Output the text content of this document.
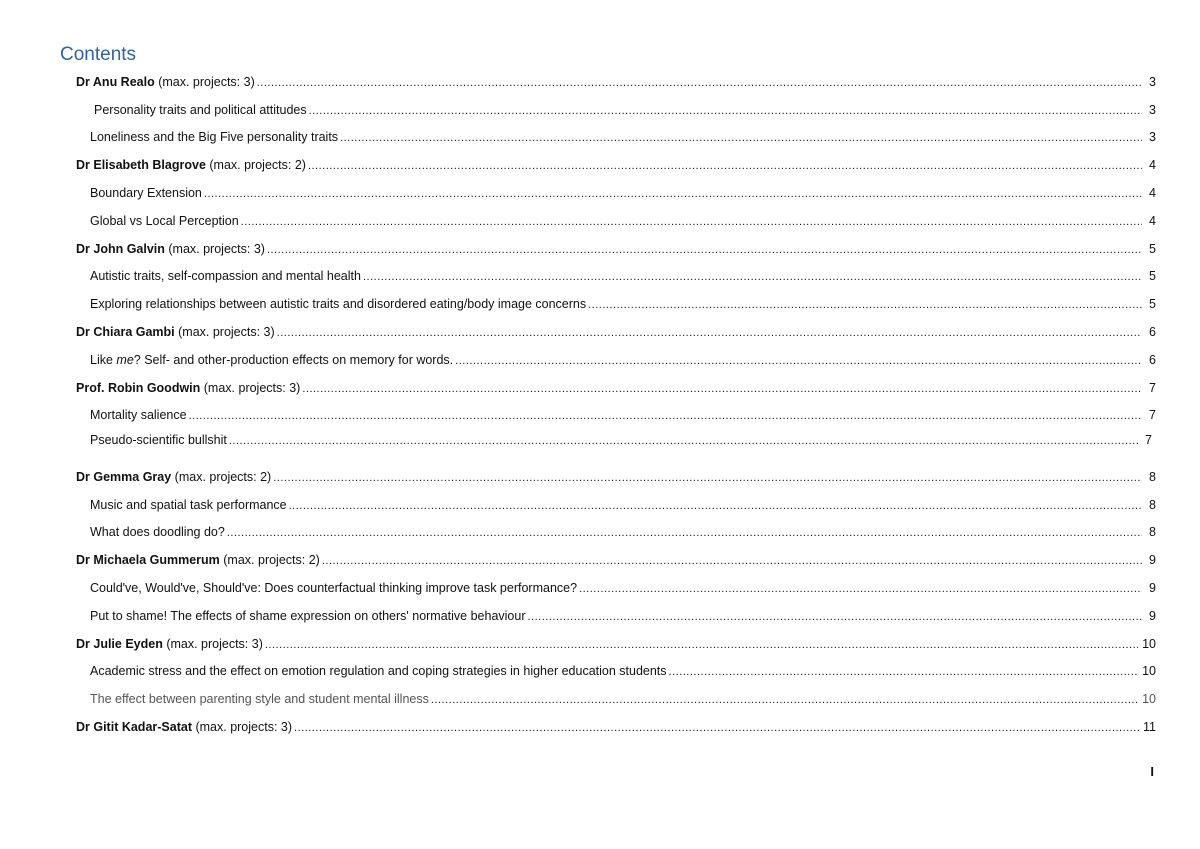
Contents
Dr Anu Realo (max. projects: 3) .....	3
Personality traits and political attitudes .....	3
Loneliness and the Big Five personality traits .....	3
Dr Elisabeth Blagrove (max. projects: 2) .....	4
Boundary Extension .....	4
Global vs Local Perception .....	4
Dr John Galvin (max. projects: 3) .....	5
Autistic traits, self-compassion and mental health .....	5
Exploring relationships between autistic traits and disordered eating/body image concerns .....	5
Dr Chiara Gambi (max. projects: 3) .....	6
Like me? Self- and other-production effects on memory for words. .....	6
Prof. Robin Goodwin (max. projects: 3) .....	7
Mortality salience .....	7
Pseudo-scientific bullshit .....	7
Dr Gemma Gray (max. projects: 2) .....	8
Music and spatial task performance .....	8
What does doodling do? .....	8
Dr Michaela Gummerum (max. projects: 2) .....	9
Could've, Would've, Should've: Does counterfactual thinking improve task performance? .....	9
Put to shame! The effects of shame expression on others' normative behaviour .....	9
Dr Julie Eyden (max. projects: 3) .....	10
Academic stress and the effect on emotion regulation and coping strategies in higher education students .....	10
The effect between parenting style and student mental illness .....	10
Dr Gitit Kadar-Satat (max. projects: 3) .....	11
I
